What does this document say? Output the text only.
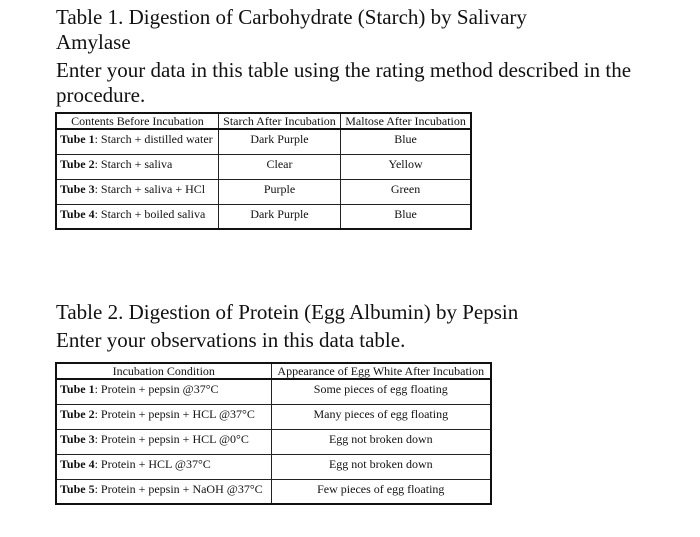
Table 1. Digestion of Carbohydrate (Starch) by Salivary Amylase

Enter your data in this table using the rating method described in the procedure.

Contents Before Incubation	Starch After Incubation	Maltose After Incubation
Tube 1: Starch + distilled water	Dark Purple	Blue
Tube 2: Starch + saliva	Clear	Yellow
Tube 3: Starch + saliva + HCl	Purple	Green
Tube 4: Starch + boiled saliva	Dark Purple	Blue

Table 2. Digestion of Protein (Egg Albumin) by Pepsin

Enter your observations in this data table.

Incubation Condition	Appearance of Egg White After Incubation
Tube 1: Protein + pepsin @37°C	Some pieces of egg floating
Tube 2: Protein + pepsin + HCL @37°C	Many pieces of egg floating
Tube 3: Protein + pepsin + HCL @0°C	Egg not broken down
Tube 4: Protein + HCL @37°C	Egg not broken down
Tube 5: Protein + pepsin + NaOH @37°C	Few pieces of egg floating
